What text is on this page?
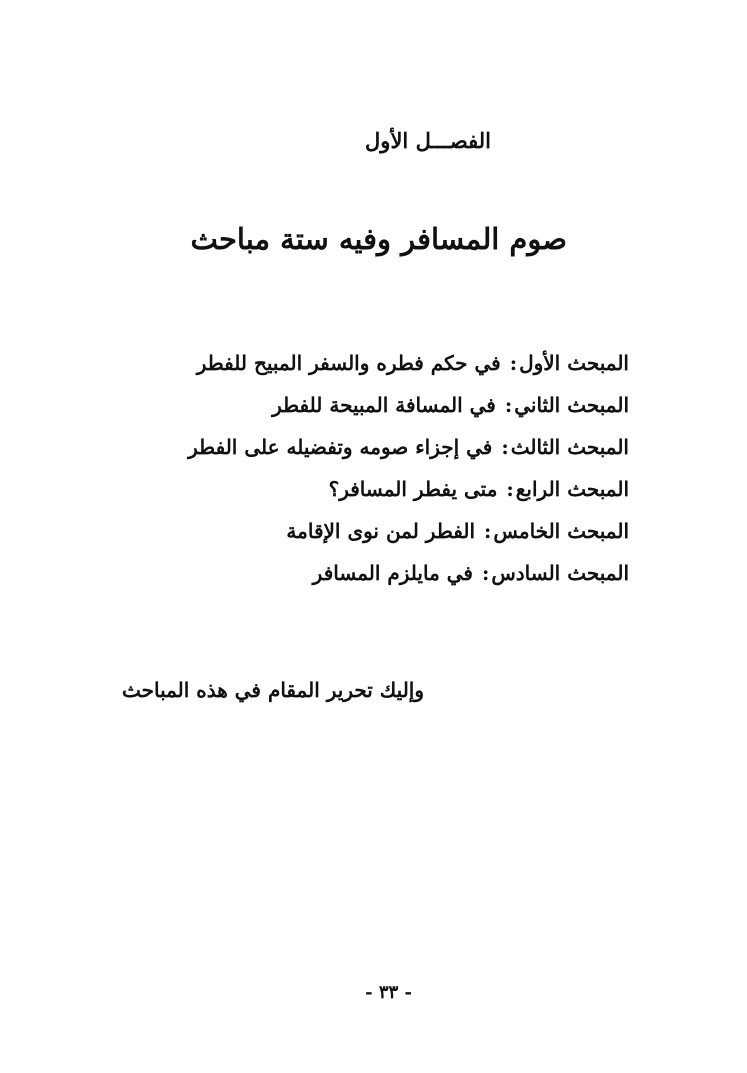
الفصـــل الأول
صوم المسافر وفيه ستة مباحث
المبحث الأول: في حكم فطره والسفر المبيح للفطر
المبحث الثاني: في المسافة المبيحة للفطر
المبحث الثالث: في إجزاء صومه وتفضيله على الفطر
المبحث الرابع: متى يفطر المسافر؟
المبحث الخامس: الفطر لمن نوى الإقامة
المبحث السادس: في مايلزم المسافر
وإليك تحرير المقام في هذه المباحث
- ٣٣ -
